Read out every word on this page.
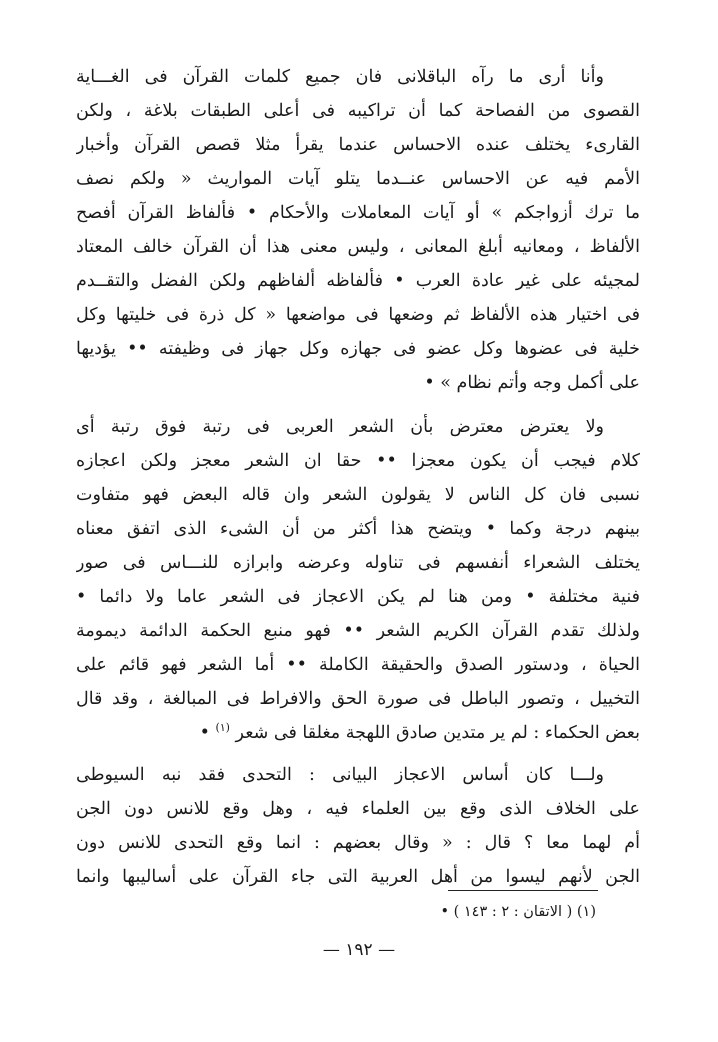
وأنا أرى ما رآه الباقلانى فان جميع كلمات القرآن فى الغـــاية
القصوى من الفصاحة كما أن تراكيبه فى أعلى الطبقات بلاغة ، ولكن
القارىء يختلف عنده الاحساس عندما يقرأ مثلا قصص القرآن وأخبار
الأمم فيه عن الاحساس عنــدما يتلو آيات المواريث « ولكم نصف
ما ترك أزواجكم » أو آيات المعاملات والأحكام • فألفاظ القرآن أفصح
الألفاظ ، ومعانيه أبلغ المعانى ، وليس معنى هذا أن القرآن خالف المعتاد
لمجيئه على غير عادة العرب • فألفاظه ألفاظهم ولكن الفضل والتقــدم
فى اختيار هذه الألفاظ ثم وضعها فى مواضعها « كل ذرة فى خليتها وكل
خلية فى عضوها وكل عضو فى جهازه وكل جهاز فى وظيفته •• يؤديها
على أكمل وجه وأتم نظام » •
ولا يعترض معترض بأن الشعر العربى فى رتبة فوق رتبة أى
كلام فيجب أن يكون معجزا •• حقا ان الشعر معجز ولكن اعجازه
نسبى فان كل الناس لا يقولون الشعر وان قاله البعض فهو متفاوت
بينهم درجة وكما • ويتضح هذا أكثر من أن الشىء الذى اتفق معناه
يختلف الشعراء أنفسهم فى تناوله وعرضه وابرازه للنـــاس فى صور
فنية مختلفة • ومن هنا لم يكن الاعجاز فى الشعر عاما ولا دائما •
ولذلك تقدم القرآن الكريم الشعر •• فهو منبع الحكمة الدائمة ديمومة
الحياة ، ودستور الصدق والحقيقة الكاملة •• أما الشعر فهو قائم على
التخييل ، وتصور الباطل فى صورة الحق والافراط فى المبالغة ، وقد قال
بعض الحكماء : لم ير متدين صادق اللهجة مغلقا فى شعر $^{(١)}$ •
ولـــا كان أساس الاعجاز البيانى : التحدى فقد نبه السيوطى
على الخلاف الذى وقع بين العلماء فيه ، وهل وقع للانس دون الجن
أم لهما معا ؟ قال : « وقال بعضهم : انما وقع التحدى للانس دون
الجن لأنهم ليسوا من أهل العربية التى جاء القرآن على أساليبها وانما
(١) ( الاتقان : ٢ : ١٤٣ ) •
— ١٩٢ —
